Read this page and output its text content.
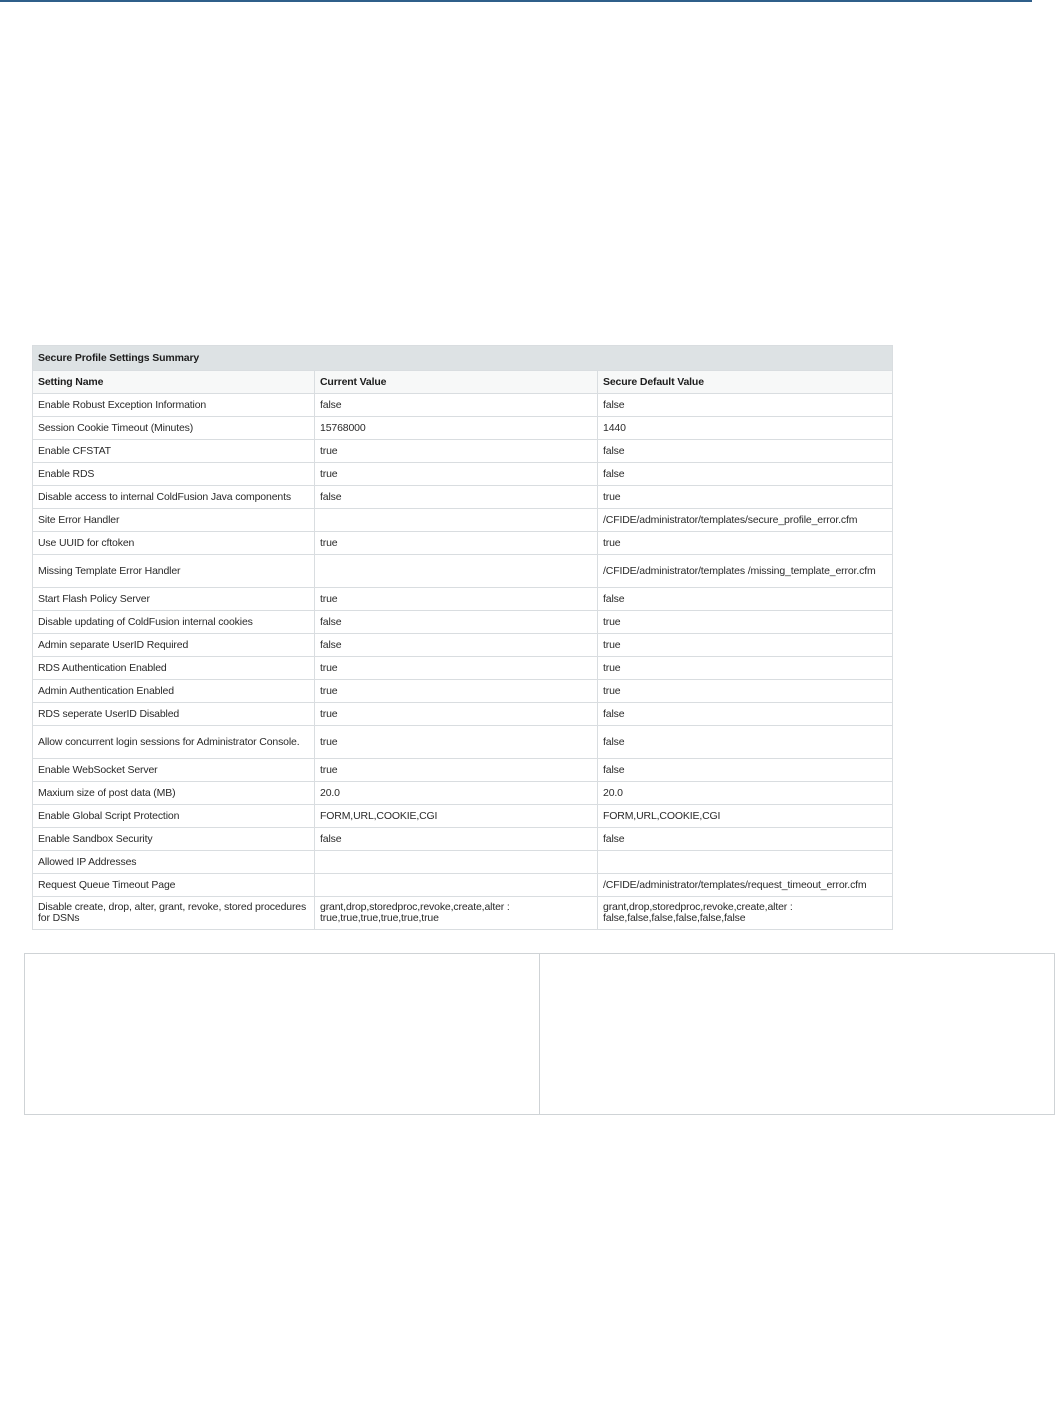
Secure Profile Settings Summary		
Setting Name	Current Value	Secure Default Value
Enable Robust Exception Information	false	false
Session Cookie Timeout (Minutes)	15768000	1440
Enable CFSTAT	true	false
Enable RDS	true	false
Disable access to internal ColdFusion Java components	false	true
Site Error Handler		/CFIDE/administrator/templates/secure_profile_error.cfm
Use UUID for cftoken	true	true
Missing Template Error Handler		/CFIDE/administrator/templates /missing_template_error.cfm
Start Flash Policy Server	true	false
Disable updating of ColdFusion internal cookies	false	true
Admin separate UserID Required	false	true
RDS Authentication Enabled	true	true
Admin Authentication Enabled	true	true
RDS seperate UserID Disabled	true	false
Allow concurrent login sessions for Administrator Console.	true	false
Enable WebSocket Server	true	false
Maxium size of post data (MB)	20.0	20.0
Enable Global Script Protection	FORM,URL,COOKIE,CGI	FORM,URL,COOKIE,CGI
Enable Sandbox Security	false	false
Allowed IP Addresses		
Request Queue Timeout Page		/CFIDE/administrator/templates/request_timeout_error.cfm
Disable create, drop, alter, grant, revoke, stored procedures for DSNs	grant,drop,storedproc,revoke,create,alter : true,true,true,true,true,true	grant,drop,storedproc,revoke,create,alter : false,false,false,false,false,false
